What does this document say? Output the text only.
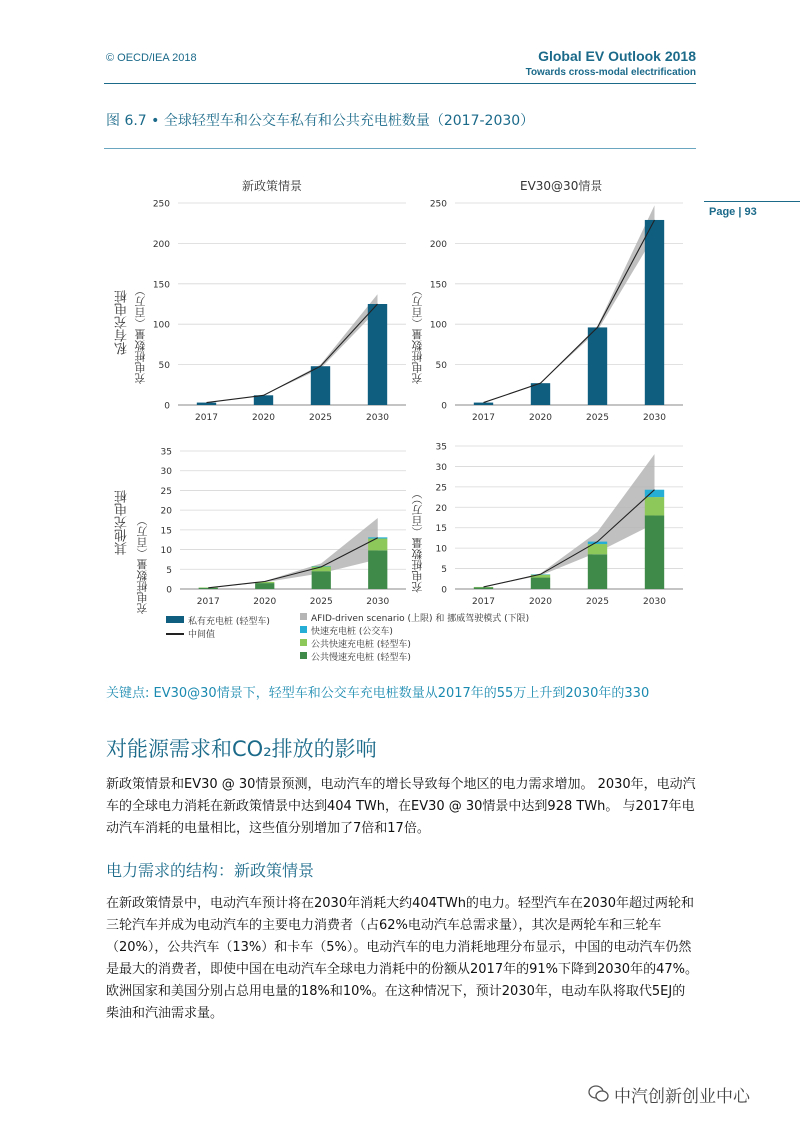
© OECD/IEA 2018	Global EV Outlook 2018
Towards cross-modal electrification
图 6.7 • 全球轻型车和公交车私有和公共充电桩数量（2017-2030）
Page | 93
私有充电桩
其他充电桩
充电桩数量（百万）	充电桩数量（百万）
充电桩数量（百万）	充电桩数量（百万））
新政策情景
0
50
100
150
200
250
2017	2020	2025	2030
EV30@30情景
0
50
100
150
200
250
2017	2020	2025	2030
0
5
10
15
20
25
30
35
2017	2020	2025	2030
0
5
10
15
20
25
30
35
2017	2020	2025	2030
关键点: EV30@30情景下，轻型车和公交车充电桩数量从2017年的55万上升到2030年的330
对能源需求和CO₂排放的影响
新政策情景和EV30 @ 30情景预测，电动汽车的增长导致每个地区的电力需求增加。 2030年，电动汽车的全球电力消耗在新政策情景中达到404 TWh，在EV30 @ 30情景中达到928 TWh。 与2017年电动汽车消耗的电量相比，这些值分别增加了7倍和17倍。
电力需求的结构：新政策情景
在新政策情景中，电动汽车预计将在2030年消耗大约404TWh的电力。轻型汽车在2030年超过两轮和三轮汽车并成为电动汽车的主要电力消费者（占62%电动汽车总需求量），其次是两轮车和三轮车（20%），公共汽车（13%）和卡车（5%）。电动汽车的电力消耗地理分布显示，中国的电动汽车仍然是最大的消费者，即使中国在电动汽车全球电力消耗中的份额从2017年的91%下降到2030年的47%。欧洲国家和美国分别占总用电量的18%和10%。在这种情况下，预计2030年，电动车队将取代5EJ的柴油和汽油需求量。
中汽创新创业中心
私有充电桩 (轻型车)
中间值
AFID-driven scenario (上限) 和 挪威驾驶模式 (下限)
快速充电桩 (公交车)
公共快速充电桩 (轻型车)
公共慢速充电桩 (轻型车)
